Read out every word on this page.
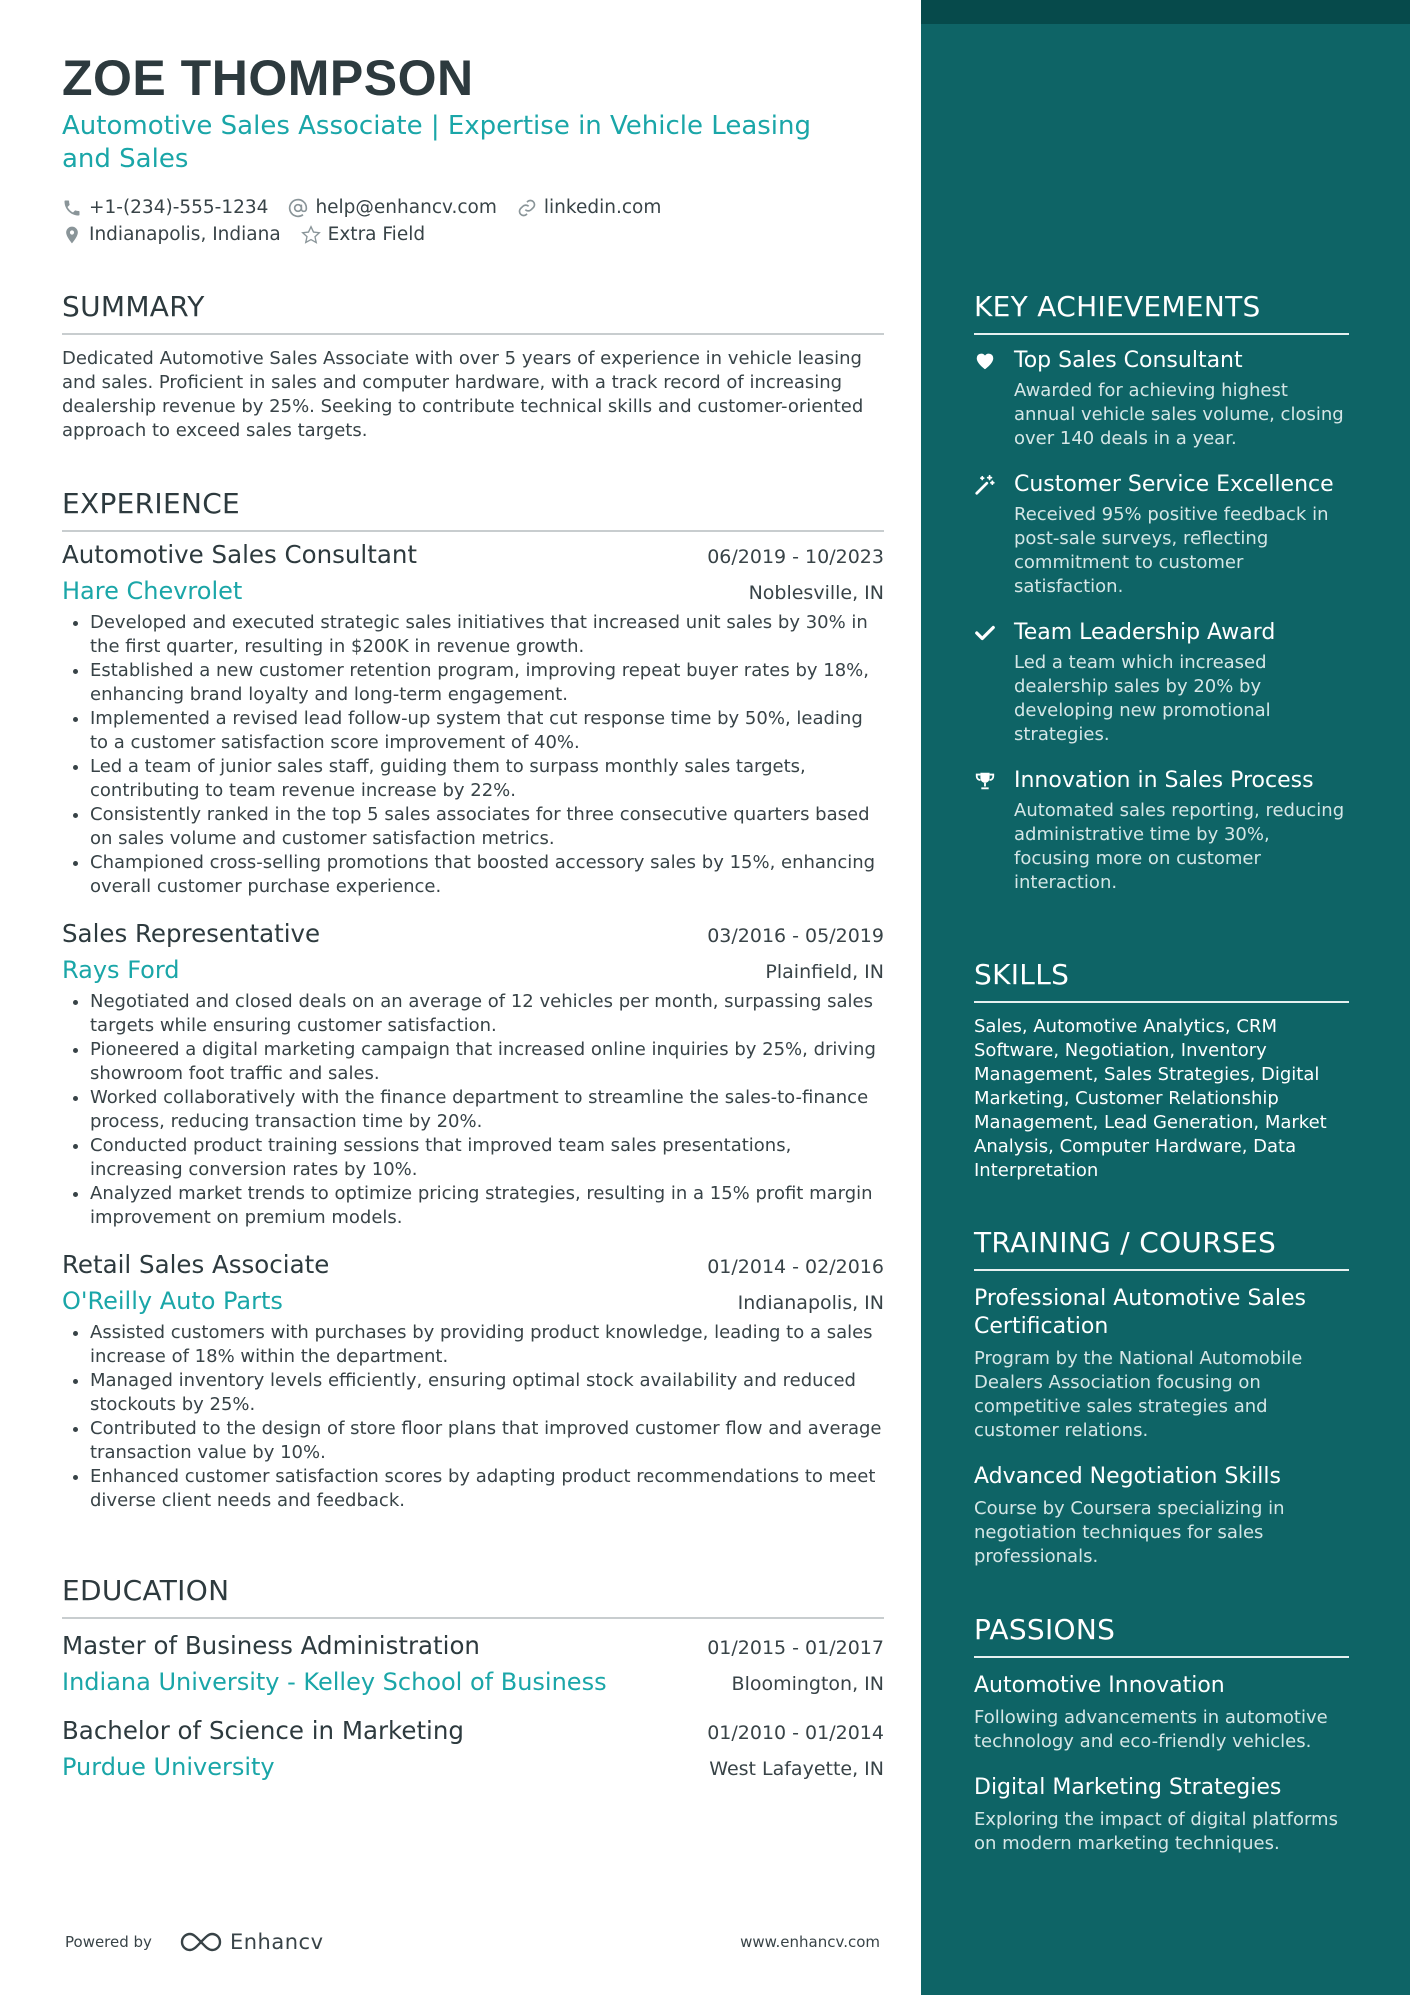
ZOE THOMPSON
Automotive Sales Associate | Expertise in Vehicle Leasing and Sales
+1-(234)-555-1234	help@enhancv.com	linkedin.com
Indianapolis, Indiana	Extra Field
SUMMARY
Dedicated Automotive Sales Associate with over 5 years of experience in vehicle leasing and sales. Proficient in sales and computer hardware, with a track record of increasing dealership revenue by 25%. Seeking to contribute technical skills and customer-oriented approach to exceed sales targets.
EXPERIENCE
Automotive Sales Consultant	06/2019 - 10/2023
Hare Chevrolet	Noblesville, IN
• Developed and executed strategic sales initiatives that increased unit sales by 30% in the first quarter, resulting in $200K in revenue growth.
• Established a new customer retention program, improving repeat buyer rates by 18%, enhancing brand loyalty and long-term engagement.
• Implemented a revised lead follow-up system that cut response time by 50%, leading to a customer satisfaction score improvement of 40%.
• Led a team of junior sales staff, guiding them to surpass monthly sales targets, contributing to team revenue increase by 22%.
• Consistently ranked in the top 5 sales associates for three consecutive quarters based on sales volume and customer satisfaction metrics.
• Championed cross-selling promotions that boosted accessory sales by 15%, enhancing overall customer purchase experience.
Sales Representative	03/2016 - 05/2019
Rays Ford	Plainfield, IN
• Negotiated and closed deals on an average of 12 vehicles per month, surpassing sales targets while ensuring customer satisfaction.
• Pioneered a digital marketing campaign that increased online inquiries by 25%, driving showroom foot traffic and sales.
• Worked collaboratively with the finance department to streamline the sales-to-finance process, reducing transaction time by 20%.
• Conducted product training sessions that improved team sales presentations, increasing conversion rates by 10%.
• Analyzed market trends to optimize pricing strategies, resulting in a 15% profit margin improvement on premium models.
Retail Sales Associate	01/2014 - 02/2016
O'Reilly Auto Parts	Indianapolis, IN
• Assisted customers with purchases by providing product knowledge, leading to a sales increase of 18% within the department.
• Managed inventory levels efficiently, ensuring optimal stock availability and reduced stockouts by 25%.
• Contributed to the design of store floor plans that improved customer flow and average transaction value by 10%.
• Enhanced customer satisfaction scores by adapting product recommendations to meet diverse client needs and feedback.
EDUCATION
Master of Business Administration	01/2015 - 01/2017
Indiana University - Kelley School of Business	Bloomington, IN
Bachelor of Science in Marketing	01/2010 - 01/2014
Purdue University	West Lafayette, IN
Powered by	Enhancv	www.enhancv.com
KEY ACHIEVEMENTS
Top Sales Consultant
Awarded for achieving highest annual vehicle sales volume, closing over 140 deals in a year.
Customer Service Excellence
Received 95% positive feedback in post-sale surveys, reflecting commitment to customer satisfaction.
Team Leadership Award
Led a team which increased dealership sales by 20% by developing new promotional strategies.
Innovation in Sales Process
Automated sales reporting, reducing administrative time by 30%, focusing more on customer interaction.
SKILLS
Sales, Automotive Analytics, CRM Software, Negotiation, Inventory Management, Sales Strategies, Digital Marketing, Customer Relationship Management, Lead Generation, Market Analysis, Computer Hardware, Data Interpretation
TRAINING / COURSES
Professional Automotive Sales Certification
Program by the National Automobile Dealers Association focusing on competitive sales strategies and customer relations.
Advanced Negotiation Skills
Course by Coursera specializing in negotiation techniques for sales professionals.
PASSIONS
Automotive Innovation
Following advancements in automotive technology and eco-friendly vehicles.
Digital Marketing Strategies
Exploring the impact of digital platforms on modern marketing techniques.
